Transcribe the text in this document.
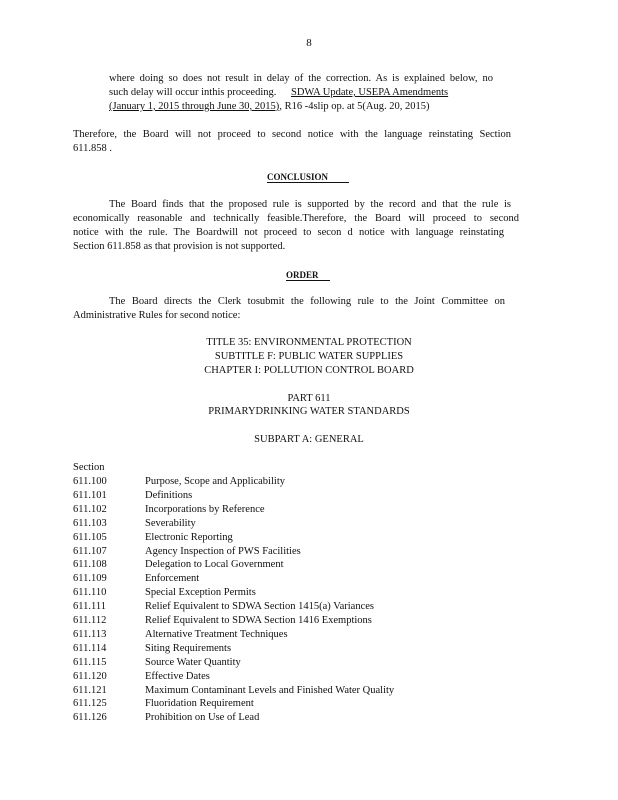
8
where doing so does not result in delay of the correction. As is explained below, no
such delay will occur inthis proceeding. SDWA Update, USEPA Amendments
(January 1, 2015 through June 30, 2015), R16 -4slip op. at 5(Aug. 20, 2015)
Therefore, the Board will not proceed to second notice with the language reinstating Section
611.858 .
CONCLUSION
The Board finds that the proposed rule is supported by the record and that the rule is
economically reasonable and technically feasible.Therefore, the Board will proceed to second
notice with the rule. The Boardwill not proceed to secon d notice with language reinstating
Section 611.858 as that provision is not supported.
ORDER
The Board directs the Clerk tosubmit the following rule to the Joint Committee on
Administrative Rules for second notice:
TITLE 35: ENVIRONMENTAL PROTECTION
SUBTITLE F: PUBLIC WATER SUPPLIES
CHAPTER I: POLLUTION CONTROL BOARD
PART 611
PRIMARYDRINKING WATER STANDARDS
SUBPART A: GENERAL
Section
611.100	Purpose, Scope and Applicability
611.101	Definitions
611.102	Incorporations by Reference
611.103	Severability
611.105	Electronic Reporting
611.107	Agency Inspection of PWS Facilities
611.108	Delegation to Local Government
611.109	Enforcement
611.110	Special Exception Permits
611.111	Relief Equivalent to SDWA Section 1415(a) Variances
611.112	Relief Equivalent to SDWA Section 1416 Exemptions
611.113	Alternative Treatment Techniques
611.114	Siting Requirements
611.115	Source Water Quantity
611.120	Effective Dates
611.121	Maximum Contaminant Levels and Finished Water Quality
611.125	Fluoridation Requirement
611.126	Prohibition on Use of Lead
